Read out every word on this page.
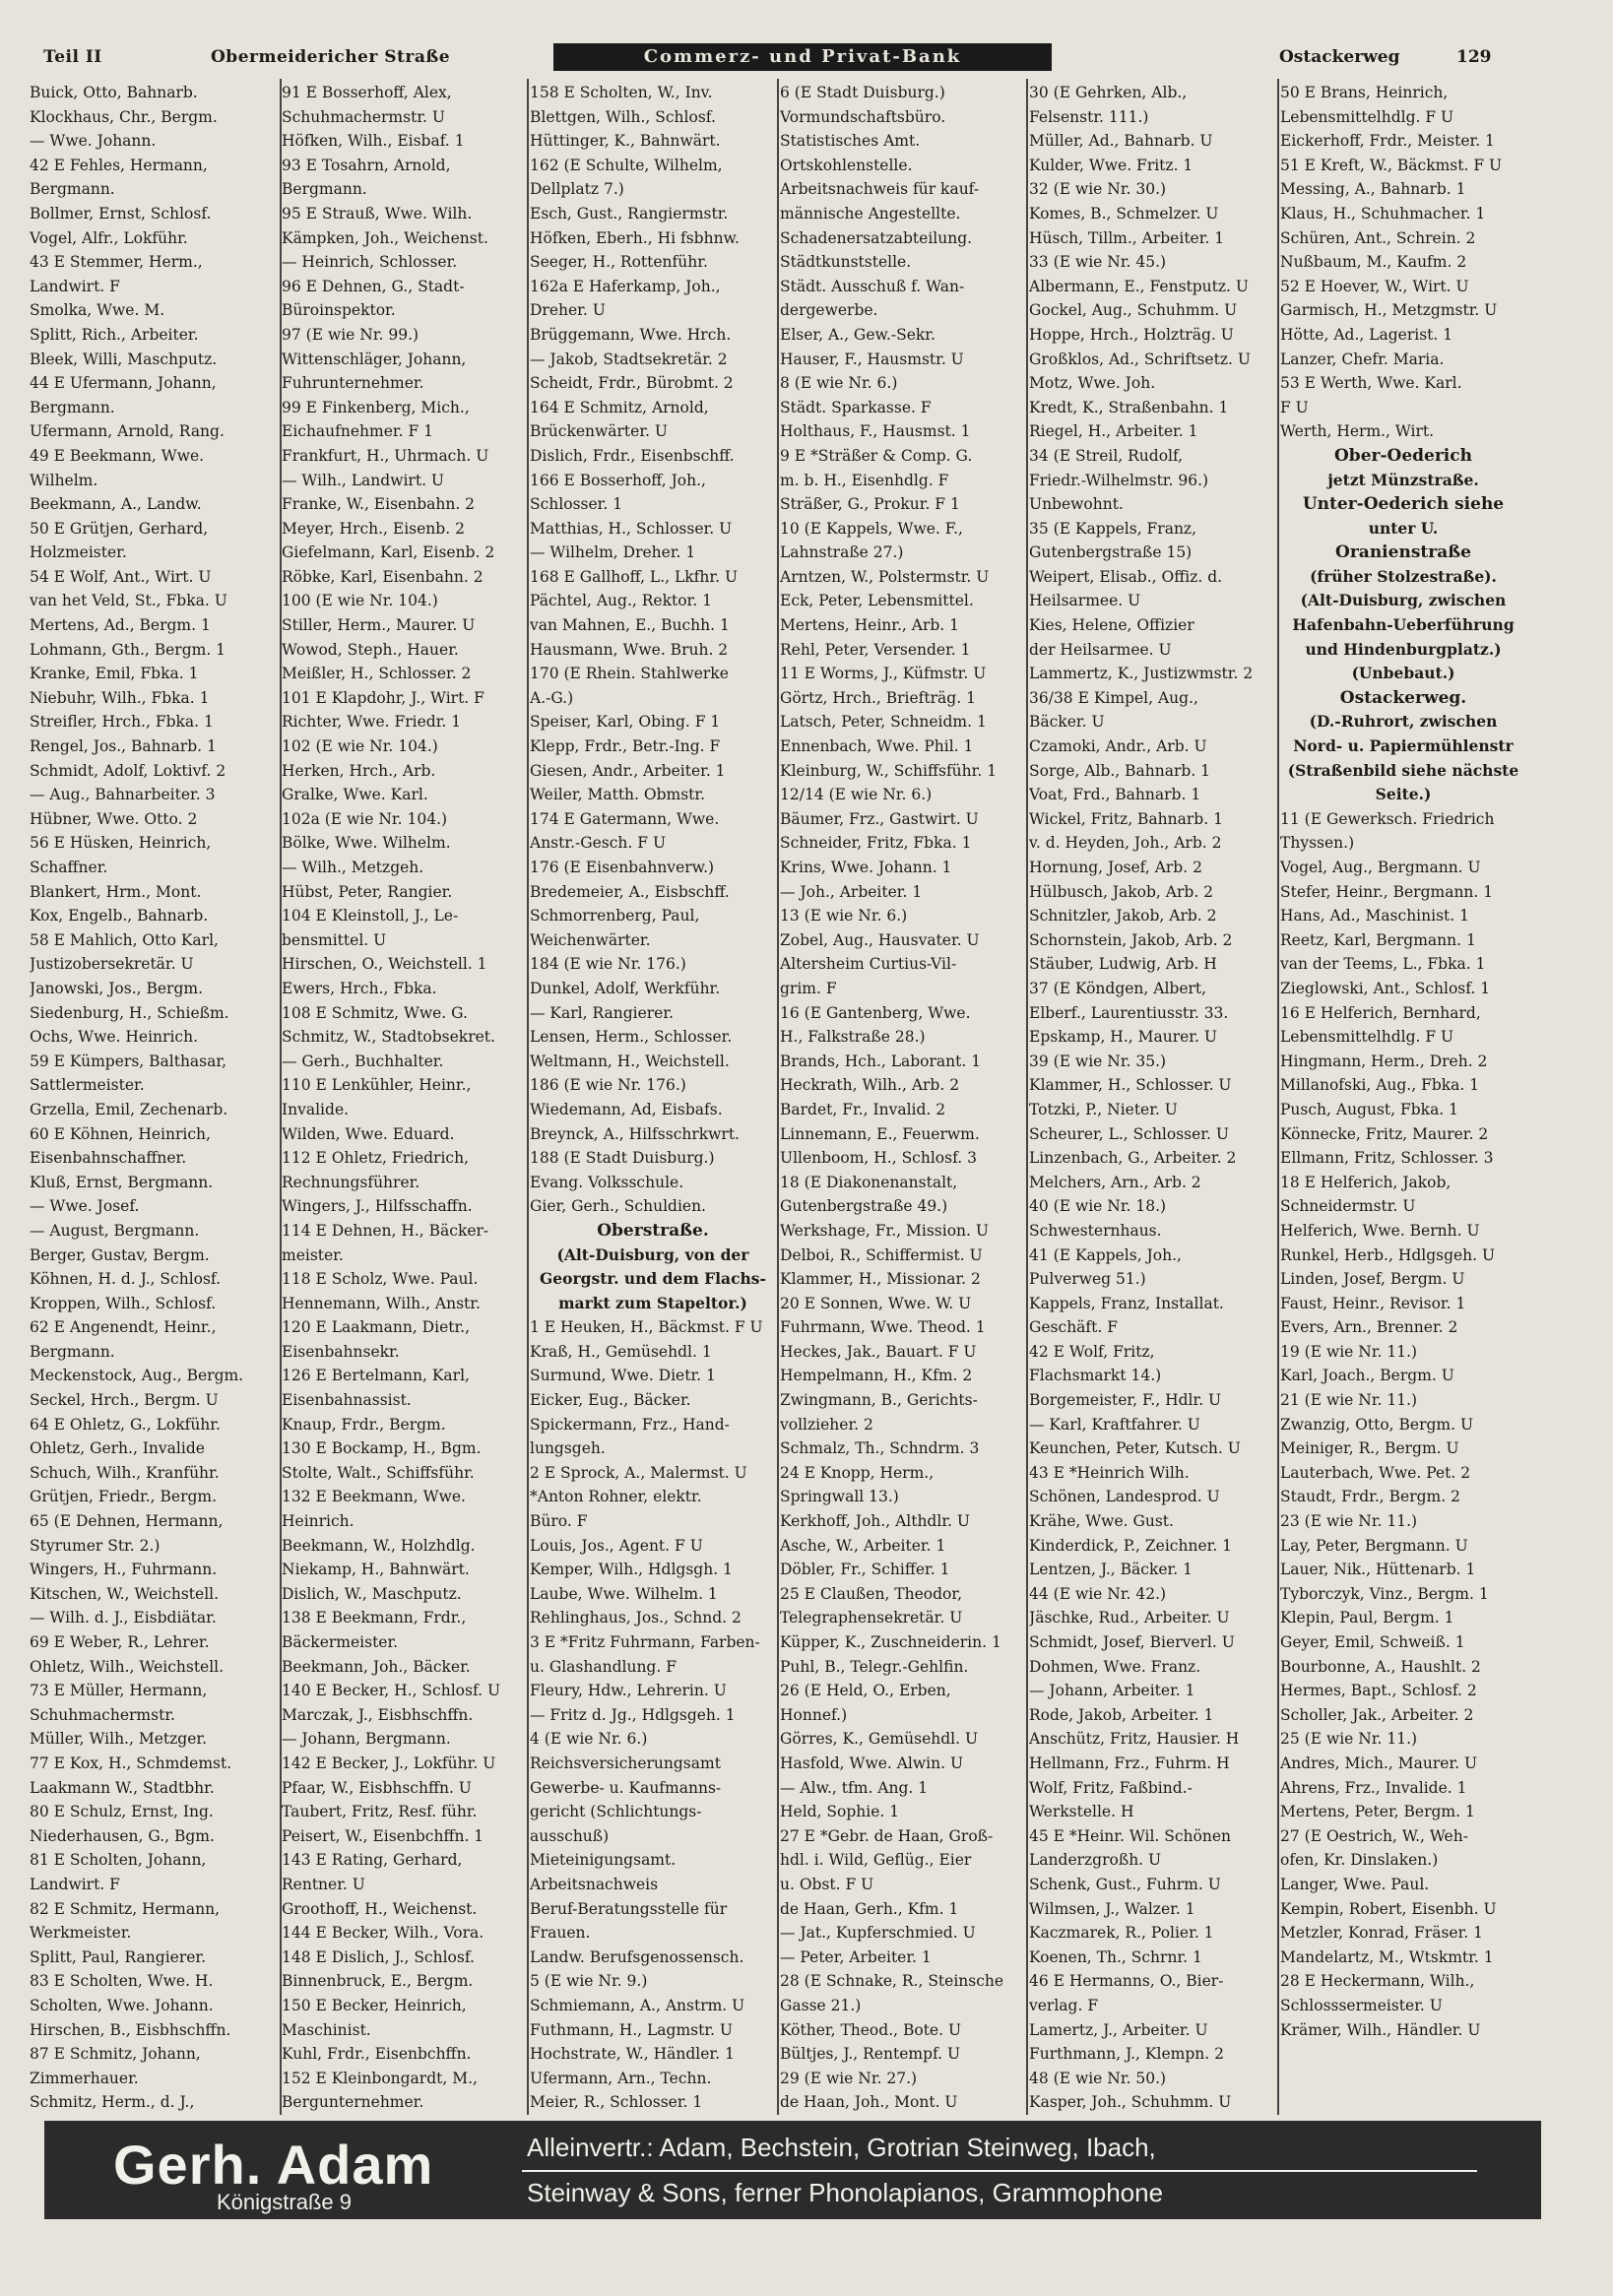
Teil II	Obermeidericher Straße	Commerz- und Privat-Bank	Ostackerweg	129
Buick, Otto, Bahnarb.
Klockhaus, Chr., Bergm.
— Wwe. Johann.
42 E Fehles, Hermann,
Bergmann.
Bollmer, Ernst, Schlosf.
Vogel, Alfr., Lokführ.
43 E Stemmer, Herm.,
Landwirt. F
Smolka, Wwe. M.
Splitt, Rich., Arbeiter.
Bleek, Willi, Maschputz.
44 E Ufermann, Johann,
Bergmann.
Ufermann, Arnold, Rang.
49 E Beekmann, Wwe.
Wilhelm.
Beekmann, A., Landw.
50 E Grütjen, Gerhard,
Holzmeister.
54 E Wolf, Ant., Wirt. U
van het Veld, St., Fbka. U
Mertens, Ad., Bergm. 1
Lohmann, Gth., Bergm. 1
Kranke, Emil, Fbka. 1
Niebuhr, Wilh., Fbka. 1
Streifler, Hrch., Fbka. 1
Rengel, Jos., Bahnarb. 1
Schmidt, Adolf, Loktivf. 2
— Aug., Bahnarbeiter. 3
Hübner, Wwe. Otto. 2
56 E Hüsken, Heinrich,
Schaffner.
Blankert, Hrm., Mont.
Kox, Engelb., Bahnarb.
58 E Mahlich, Otto Karl,
Justizobersekretär. U
Janowski, Jos., Bergm.
Siedenburg, H., Schießm.
Ochs, Wwe. Heinrich.
59 E Kümpers, Balthasar,
Sattlermeister.
Grzella, Emil, Zechenarb.
60 E Köhnen, Heinrich,
Eisenbahnschaffner.
Kluß, Ernst, Bergmann.
— Wwe. Josef.
— August, Bergmann.
Berger, Gustav, Bergm.
Köhnen, H. d. J., Schlosf.
Kroppen, Wilh., Schlosf.
62 E Angenendt, Heinr.,
Bergmann.
Meckenstock, Aug., Bergm.
Seckel, Hrch., Bergm. U
64 E Ohletz, G., Lokführ.
Ohletz, Gerh., Invalide
Schuch, Wilh., Kranführ.
Grütjen, Friedr., Bergm.
65 (E Dehnen, Hermann,
Styrumer Str. 2.)
Wingers, H., Fuhrmann.
Kitschen, W., Weichstell.
— Wilh. d. J., Eisbdiätar.
69 E Weber, R., Lehrer.
Ohletz, Wilh., Weichstell.
73 E Müller, Hermann,
Schuhmachermstr.
Müller, Wilh., Metzger.
77 E Kox, H., Schmdemst.
Laakmann W., Stadtbhr.
80 E Schulz, Ernst, Ing.
Niederhausen, G., Bgm.
81 E Scholten, Johann,
Landwirt. F
82 E Schmitz, Hermann,
Werkmeister.
Splitt, Paul, Rangierer.
83 E Scholten, Wwe. H.
Scholten, Wwe. Johann.
Hirschen, B., Eisbhschffn.
87 E Schmitz, Johann,
Zimmerhauer.
Schmitz, Herm., d. J.,
91 E Bosserhoff, Alex,
Schuhmachermstr. U
Höfken, Wilh., Eisbaf. 1
93 E Tosahrn, Arnold,
Bergmann.
95 E Strauß, Wwe. Wilh.
Kämpken, Joh., Weichenst.
— Heinrich, Schlosser.
96 E Dehnen, G., Stadt-
Büroinspektor.
97 (E wie Nr. 99.)
Wittenschläger, Johann,
Fuhrunternehmer.
99 E Finkenberg, Mich.,
Eichaufnehmer. F 1
Frankfurt, H., Uhrmach. U
— Wilh., Landwirt. U
Franke, W., Eisenbahn. 2
Meyer, Hrch., Eisenb. 2
Giefelmann, Karl, Eisenb. 2
Röbke, Karl, Eisenbahn. 2
100 (E wie Nr. 104.)
Stiller, Herm., Maurer. U
Wowod, Steph., Hauer.
Meißler, H., Schlosser. 2
101 E Klapdohr, J., Wirt. F
Richter, Wwe. Friedr. 1
102 (E wie Nr. 104.)
Herken, Hrch., Arb.
Gralke, Wwe. Karl.
102a (E wie Nr. 104.)
Bölke, Wwe. Wilhelm.
— Wilh., Metzgeh.
Hübst, Peter, Rangier.
104 E Kleinstoll, J., Le-
bensmittel. U
Hirschen, O., Weichstell. 1
Ewers, Hrch., Fbka.
108 E Schmitz, Wwe. G.
Schmitz, W., Stadtobsekret.
— Gerh., Buchhalter.
110 E Lenkühler, Heinr.,
Invalide.
Wilden, Wwe. Eduard.
112 E Ohletz, Friedrich,
Rechnungsführer.
Wingers, J., Hilfsschaffn.
114 E Dehnen, H., Bäcker-
meister.
118 E Scholz, Wwe. Paul.
Hennemann, Wilh., Anstr.
120 E Laakmann, Dietr.,
Eisenbahnsekr.
126 E Bertelmann, Karl,
Eisenbahnassist.
Knaup, Frdr., Bergm.
130 E Bockamp, H., Bgm.
Stolte, Walt., Schiffsführ.
132 E Beekmann, Wwe.
Heinrich.
Beekmann, W., Holzhdlg.
Niekamp, H., Bahnwärt.
Dislich, W., Maschputz.
138 E Beekmann, Frdr.,
Bäckermeister.
Beekmann, Joh., Bäcker.
140 E Becker, H., Schlosf. U
Marczak, J., Eisbhschffn.
— Johann, Bergmann.
142 E Becker, J., Lokführ. U
Pfaar, W., Eisbhschffn. U
Taubert, Fritz, Resf. führ.
Peisert, W., Eisenbchffn. 1
143 E Rating, Gerhard,
Rentner. U
Groothoff, H., Weichenst.
144 E Becker, Wilh., Vora.
148 E Dislich, J., Schlosf.
Binnenbruck, E., Bergm.
150 E Becker, Heinrich,
Maschinist.
Kuhl, Frdr., Eisenbchffn.
152 E Kleinbongardt, M.,
Bergunternehmer.
158 E Scholten, W., Inv.
Blettgen, Wilh., Schlosf.
Hüttinger, K., Bahnwärt.
162 (E Schulte, Wilhelm,
Dellplatz 7.)
Esch, Gust., Rangiermstr.
Höfken, Eberh., Hi fsbhnw.
Seeger, H., Rottenführ.
162a E Haferkamp, Joh.,
Dreher. U
Brüggemann, Wwe. Hrch.
— Jakob, Stadtsekretär. 2
Scheidt, Frdr., Bürobmt. 2
164 E Schmitz, Arnold,
Brückenwärter. U
Dislich, Frdr., Eisenbschff.
166 E Bosserhoff, Joh.,
Schlosser. 1
Matthias, H., Schlosser. U
— Wilhelm, Dreher. 1
168 E Gallhoff, L., Lkfhr. U
Pächtel, Aug., Rektor. 1
van Mahnen, E., Buchh. 1
Hausmann, Wwe. Bruh. 2
170 (E Rhein. Stahlwerke
A.-G.)
Speiser, Karl, Obing. F 1
Klepp, Frdr., Betr.-Ing. F
Giesen, Andr., Arbeiter. 1
Weiler, Matth. Obmstr.
174 E Gatermann, Wwe.
Anstr.-Gesch. F U
176 (E Eisenbahnverw.)
Bredemeier, A., Eisbschff.
Schmorrenberg, Paul,
Weichenwärter.
184 (E wie Nr. 176.)
Dunkel, Adolf, Werkführ.
— Karl, Rangierer.
Lensen, Herm., Schlosser.
Weltmann, H., Weichstell.
186 (E wie Nr. 176.)
Wiedemann, Ad, Eisbafs.
Breynck, A., Hilfsschrkwrt.
188 (E Stadt Duisburg.)
Evang. Volksschule.
Gier, Gerh., Schuldien.
Oberstraße.
(Alt-Duisburg, von der
Georgstr. und dem Flachs-
markt zum Stapeltor.)
1 E Heuken, H., Bäckmst. F U
Kraß, H., Gemüsehdl. 1
Surmund, Wwe. Dietr. 1
Eicker, Eug., Bäcker.
Spickermann, Frz., Hand-
lungsgeh.
2 E Sprock, A., Malermst. U
*Anton Rohner, elektr.
Büro. F
Louis, Jos., Agent. F U
Kemper, Wilh., Hdlgsgh. 1
Laube, Wwe. Wilhelm. 1
Rehlinghaus, Jos., Schnd. 2
3 E *Fritz Fuhrmann, Farben-
u. Glashandlung. F
Fleury, Hdw., Lehrerin. U
— Fritz d. Jg., Hdlgsgeh. 1
4 (E wie Nr. 6.)
Reichsversicherungsamt
Gewerbe- u. Kaufmanns-
gericht (Schlichtungs-
ausschuß)
Mieteinigungsamt.
Arbeitsnachweis
Beruf-Beratungsstelle für
Frauen.
Landw. Berufsgenossensch.
5 (E wie Nr. 9.)
Schmiemann, A., Anstrm. U
Futhmann, H., Lagmstr. U
Hochstrate, W., Händler. 1
Ufermann, Arn., Techn.
Meier, R., Schlosser. 1
6 (E Stadt Duisburg.)
Vormundschaftsbüro.
Statistisches Amt.
Ortskohlenstelle.
Arbeitsnachweis für kauf-
männische Angestellte.
Schadenersatzabteilung.
Städtkunststelle.
Städt. Ausschuß f. Wan-
dergewerbe.
Elser, A., Gew.-Sekr.
Hauser, F., Hausmstr. U
8 (E wie Nr. 6.)
Städt. Sparkasse. F
Holthaus, F., Hausmst. 1
9 E *Sträßer & Comp. G.
m. b. H., Eisenhdlg. F
Sträßer, G., Prokur. F 1
10 (E Kappels, Wwe. F.,
Lahnstraße 27.)
Arntzen, W., Polstermstr. U
Eck, Peter, Lebensmittel.
Mertens, Heinr., Arb. 1
Rehl, Peter, Versender. 1
11 E Worms, J., Küfmstr. U
Görtz, Hrch., Briefträg. 1
Latsch, Peter, Schneidm. 1
Ennenbach, Wwe. Phil. 1
Kleinburg, W., Schiffsführ. 1
12/14 (E wie Nr. 6.)
Bäumer, Frz., Gastwirt. U
Schneider, Fritz, Fbka. 1
Krins, Wwe. Johann. 1
— Joh., Arbeiter. 1
13 (E wie Nr. 6.)
Zobel, Aug., Hausvater. U
Altersheim Curtius-Vil-
grim. F
16 (E Gantenberg, Wwe.
H., Falkstraße 28.)
Brands, Hch., Laborant. 1
Heckrath, Wilh., Arb. 2
Bardet, Fr., Invalid. 2
Linnemann, E., Feuerwm.
Ullenboom, H., Schlosf. 3
18 (E Diakonenanstalt,
Gutenbergstraße 49.)
Werkshage, Fr., Mission. U
Delboi, R., Schiffermist. U
Klammer, H., Missionar. 2
20 E Sonnen, Wwe. W. U
Fuhrmann, Wwe. Theod. 1
Heckes, Jak., Bauart. F U
Hempelmann, H., Kfm. 2
Zwingmann, B., Gerichts-
vollzieher. 2
Schmalz, Th., Schndrm. 3
24 E Knopp, Herm.,
Springwall 13.)
Kerkhoff, Joh., Althdlr. U
Asche, W., Arbeiter. 1
Döbler, Fr., Schiffer. 1
25 E Claußen, Theodor,
Telegraphensekretär. U
Küpper, K., Zuschneiderin. 1
Puhl, B., Telegr.-Gehlfin.
26 (E Held, O., Erben,
Honnef.)
Görres, K., Gemüsehdl. U
Hasfold, Wwe. Alwin. U
— Alw., tfm. Ang. 1
Held, Sophie. 1
27 E *Gebr. de Haan, Groß-
hdl. i. Wild, Geflüg., Eier
u. Obst. F U
de Haan, Gerh., Kfm. 1
— Jat., Kupferschmied. U
— Peter, Arbeiter. 1
28 (E Schnake, R., Steinsche
Gasse 21.)
Köther, Theod., Bote. U
Bültjes, J., Rentempf. U
29 (E wie Nr. 27.)
de Haan, Joh., Mont. U
30 (E Gehrken, Alb.,
Felsenstr. 111.)
Müller, Ad., Bahnarb. U
Kulder, Wwe. Fritz. 1
32 (E wie Nr. 30.)
Komes, B., Schmelzer. U
Hüsch, Tillm., Arbeiter. 1
33 (E wie Nr. 45.)
Albermann, E., Fenstputz. U
Gockel, Aug., Schuhmm. U
Hoppe, Hrch., Holzträg. U
Großklos, Ad., Schriftsetz. U
Motz, Wwe. Joh.
Kredt, K., Straßenbahn. 1
Riegel, H., Arbeiter. 1
34 (E Streil, Rudolf,
Friedr.-Wilhelmstr. 96.)
Unbewohnt.
35 (E Kappels, Franz,
Gutenbergstraße 15)
Weipert, Elisab., Offiz. d.
Heilsarmee. U
Kies, Helene, Offizier
der Heilsarmee. U
Lammertz, K., Justizwmstr. 2
36/38 E Kimpel, Aug.,
Bäcker. U
Czamoki, Andr., Arb. U
Sorge, Alb., Bahnarb. 1
Voat, Frd., Bahnarb. 1
Wickel, Fritz, Bahnarb. 1
v. d. Heyden, Joh., Arb. 2
Hornung, Josef, Arb. 2
Hülbusch, Jakob, Arb. 2
Schnitzler, Jakob, Arb. 2
Schornstein, Jakob, Arb. 2
Stäuber, Ludwig, Arb. H
37 (E Köndgen, Albert,
Elberf., Laurentiusstr. 33.
Epskamp, H., Maurer. U
39 (E wie Nr. 35.)
Klammer, H., Schlosser. U
Totzki, P., Nieter. U
Scheurer, L., Schlosser. U
Linzenbach, G., Arbeiter. 2
Melchers, Arn., Arb. 2
40 (E wie Nr. 18.)
Schwesternhaus.
41 (E Kappels, Joh.,
Pulverweg 51.)
Kappels, Franz, Installat.
Geschäft. F
42 E Wolf, Fritz,
Flachsmarkt 14.)
Borgemeister, F., Hdlr. U
— Karl, Kraftfahrer. U
Keunchen, Peter, Kutsch. U
43 E *Heinrich Wilh.
Schönen, Landesprod. U
Krähe, Wwe. Gust.
Kinderdick, P., Zeichner. 1
Lentzen, J., Bäcker. 1
44 (E wie Nr. 42.)
Jäschke, Rud., Arbeiter. U
Schmidt, Josef, Bierverl. U
Dohmen, Wwe. Franz.
— Johann, Arbeiter. 1
Rode, Jakob, Arbeiter. 1
Anschütz, Fritz, Hausier. H
Hellmann, Frz., Fuhrm. H
Wolf, Fritz, Faßbind.-
Werkstelle. H
45 E *Heinr. Wil. Schönen
Landerzgroßh. U
Schenk, Gust., Fuhrm. U
Wilmsen, J., Walzer. 1
Kaczmarek, R., Polier. 1
Koenen, Th., Schrnr. 1
46 E Hermanns, O., Bier-
verlag. F
Lamertz, J., Arbeiter. U
Furthmann, J., Klempn. 2
48 (E wie Nr. 50.)
Kasper, Joh., Schuhmm. U
50 E Brans, Heinrich,
Lebensmittelhdlg. F U
Eickerhoff, Frdr., Meister. 1
51 E Kreft, W., Bäckmst. F U
Messing, A., Bahnarb. 1
Klaus, H., Schuhmacher. 1
Schüren, Ant., Schrein. 2
Nußbaum, M., Kaufm. 2
52 E Hoever, W., Wirt. U
Garmisch, H., Metzgmstr. U
Hötte, Ad., Lagerist. 1
Lanzer, Chefr. Maria.
53 E Werth, Wwe. Karl.
F U
Werth, Herm., Wirt.
Ober-Oederich
jetzt Münzstraße.
Unter-Oederich siehe
unter U.
Oranienstraße
(früher Stolzestraße).
(Alt-Duisburg, zwischen
Hafenbahn-Ueberführung
und Hindenburgplatz.)
(Unbebaut.)
Ostackerweg.
(D.-Ruhrort, zwischen
Nord- u. Papiermühlenstr
(Straßenbild siehe nächste
Seite.)
11 (E Gewerksch. Friedrich
Thyssen.)
Vogel, Aug., Bergmann. U
Stefer, Heinr., Bergmann. 1
Hans, Ad., Maschinist. 1
Reetz, Karl, Bergmann. 1
van der Teems, L., Fbka. 1
Zieglowski, Ant., Schlosf. 1
16 E Helferich, Bernhard,
Lebensmittelhdlg. F U
Hingmann, Herm., Dreh. 2
Millanofski, Aug., Fbka. 1
Pusch, August, Fbka. 1
Könnecke, Fritz, Maurer. 2
Ellmann, Fritz, Schlosser. 3
18 E Helferich, Jakob,
Schneidermstr. U
Helferich, Wwe. Bernh. U
Runkel, Herb., Hdlgsgeh. U
Linden, Josef, Bergm. U
Faust, Heinr., Revisor. 1
Evers, Arn., Brenner. 2
19 (E wie Nr. 11.)
Karl, Joach., Bergm. U
21 (E wie Nr. 11.)
Zwanzig, Otto, Bergm. U
Meiniger, R., Bergm. U
Lauterbach, Wwe. Pet. 2
Staudt, Frdr., Bergm. 2
23 (E wie Nr. 11.)
Lay, Peter, Bergmann. U
Lauer, Nik., Hüttenarb. 1
Tyborczyk, Vinz., Bergm. 1
Klepin, Paul, Bergm. 1
Geyer, Emil, Schweiß. 1
Bourbonne, A., Haushlt. 2
Hermes, Bapt., Schlosf. 2
Scholler, Jak., Arbeiter. 2
25 (E wie Nr. 11.)
Andres, Mich., Maurer. U
Ahrens, Frz., Invalide. 1
Mertens, Peter, Bergm. 1
27 (E Oestrich, W., Weh-
ofen, Kr. Dinslaken.)
Langer, Wwe. Paul.
Kempin, Robert, Eisenbh. U
Metzler, Konrad, Fräser. 1
Mandelartz, M., Wtskmtr. 1
28 E Heckermann, Wilh.,
Schlosssermeister. U
Krämer, Wilh., Händler. U
Gerh. Adam
Königstraße 9
Alleinvertr.: Adam, Bechstein, Grotrian Steinweg, Ibach,
Steinway & Sons, ferner Phonolapianos, Grammophone
